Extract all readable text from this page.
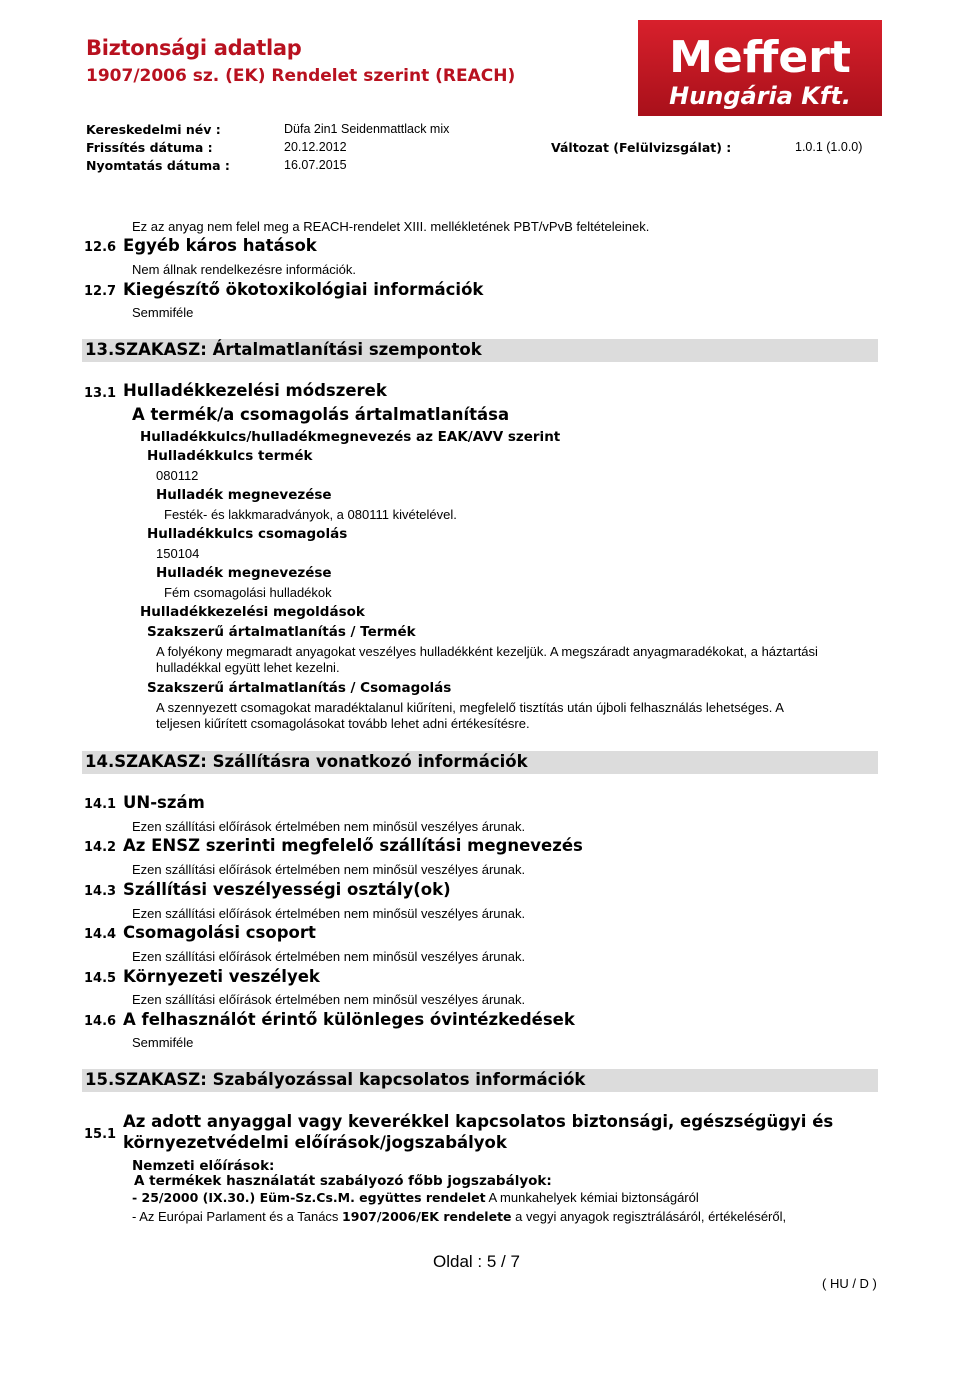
Biztonsági adatlap
1907/2006 sz. (EK) Rendelet szerint (REACH)	Meffert
Hungária Kft.
Kereskedelmi név :	Düfa 2in1 Seidenmattlack mix
Frissítés dátuma :	20.12.2012	Változat (Felülvizsgálat) :	1.0.1 (1.0.0)
Nyomtatás dátuma :	16.07.2015
Ez az anyag nem felel meg a REACH-rendelet XIII. mellékletének PBT/vPvB feltételeinek.
12.6 Egyéb káros hatások
Nem állnak rendelkezésre információk.
12.7 Kiegészítő ökotoxikológiai információk
Semmiféle
13.SZAKASZ: Ártalmatlanítási szempontok
13.1 Hulladékkezelési módszerek
A termék/a csomagolás ártalmatlanítása
Hulladékkulcs/hulladékmegnevezés az EAK/AVV szerint
Hulladékkulcs termék
080112
Hulladék megnevezése
Festék- és lakkmaradványok, a 080111 kivételével.
Hulladékkulcs csomagolás
150104
Hulladék megnevezése
Fém csomagolási hulladékok
Hulladékkezelési megoldások
Szakszerű ártalmatlanítás / Termék
A folyékony megmaradt anyagokat veszélyes hulladékként kezeljük. A megszáradt anyagmaradékokat, a háztartási
hulladékkal együtt lehet kezelni.
Szakszerű ártalmatlanítás / Csomagolás
A szennyezett csomagokat maradéktalanul kiűríteni, megfelelő tisztítás után újboli felhasználás lehetséges. A
teljesen kiűrített csomagolásokat tovább lehet adni értékesítésre.
14.SZAKASZ: Szállításra vonatkozó információk
14.1 UN-szám
Ezen szállítási előírások értelmében nem minősül veszélyes árunak.
14.2 Az ENSZ szerinti megfelelő szállítási megnevezés
Ezen szállítási előírások értelmében nem minősül veszélyes árunak.
14.3 Szállítási veszélyességi osztály(ok)
Ezen szállítási előírások értelmében nem minősül veszélyes árunak.
14.4 Csomagolási csoport
Ezen szállítási előírások értelmében nem minősül veszélyes árunak.
14.5 Környezeti veszélyek
Ezen szállítási előírások értelmében nem minősül veszélyes árunak.
14.6 A felhasználót érintő különleges óvintézkedések
Semmiféle
15.SZAKASZ: Szabályozással kapcsolatos információk
15.1
Az adott anyaggal vagy keverékkel kapcsolatos biztonsági, egészségügyi és
környezetvédelmi előírások/jogszabályok
Nemzeti előírások:
A termékek használatát szabályozó főbb jogszabályok:
- 25/2000 (IX.30.) Eüm-Sz.Cs.M. együttes rendelet A munkahelyek kémiai biztonságáról
- Az Európai Parlament és a Tanács 1907/2006/EK rendelete a vegyi anyagok regisztrálásáról, értékeléséről,
Oldal : 5 / 7
( HU / D )
